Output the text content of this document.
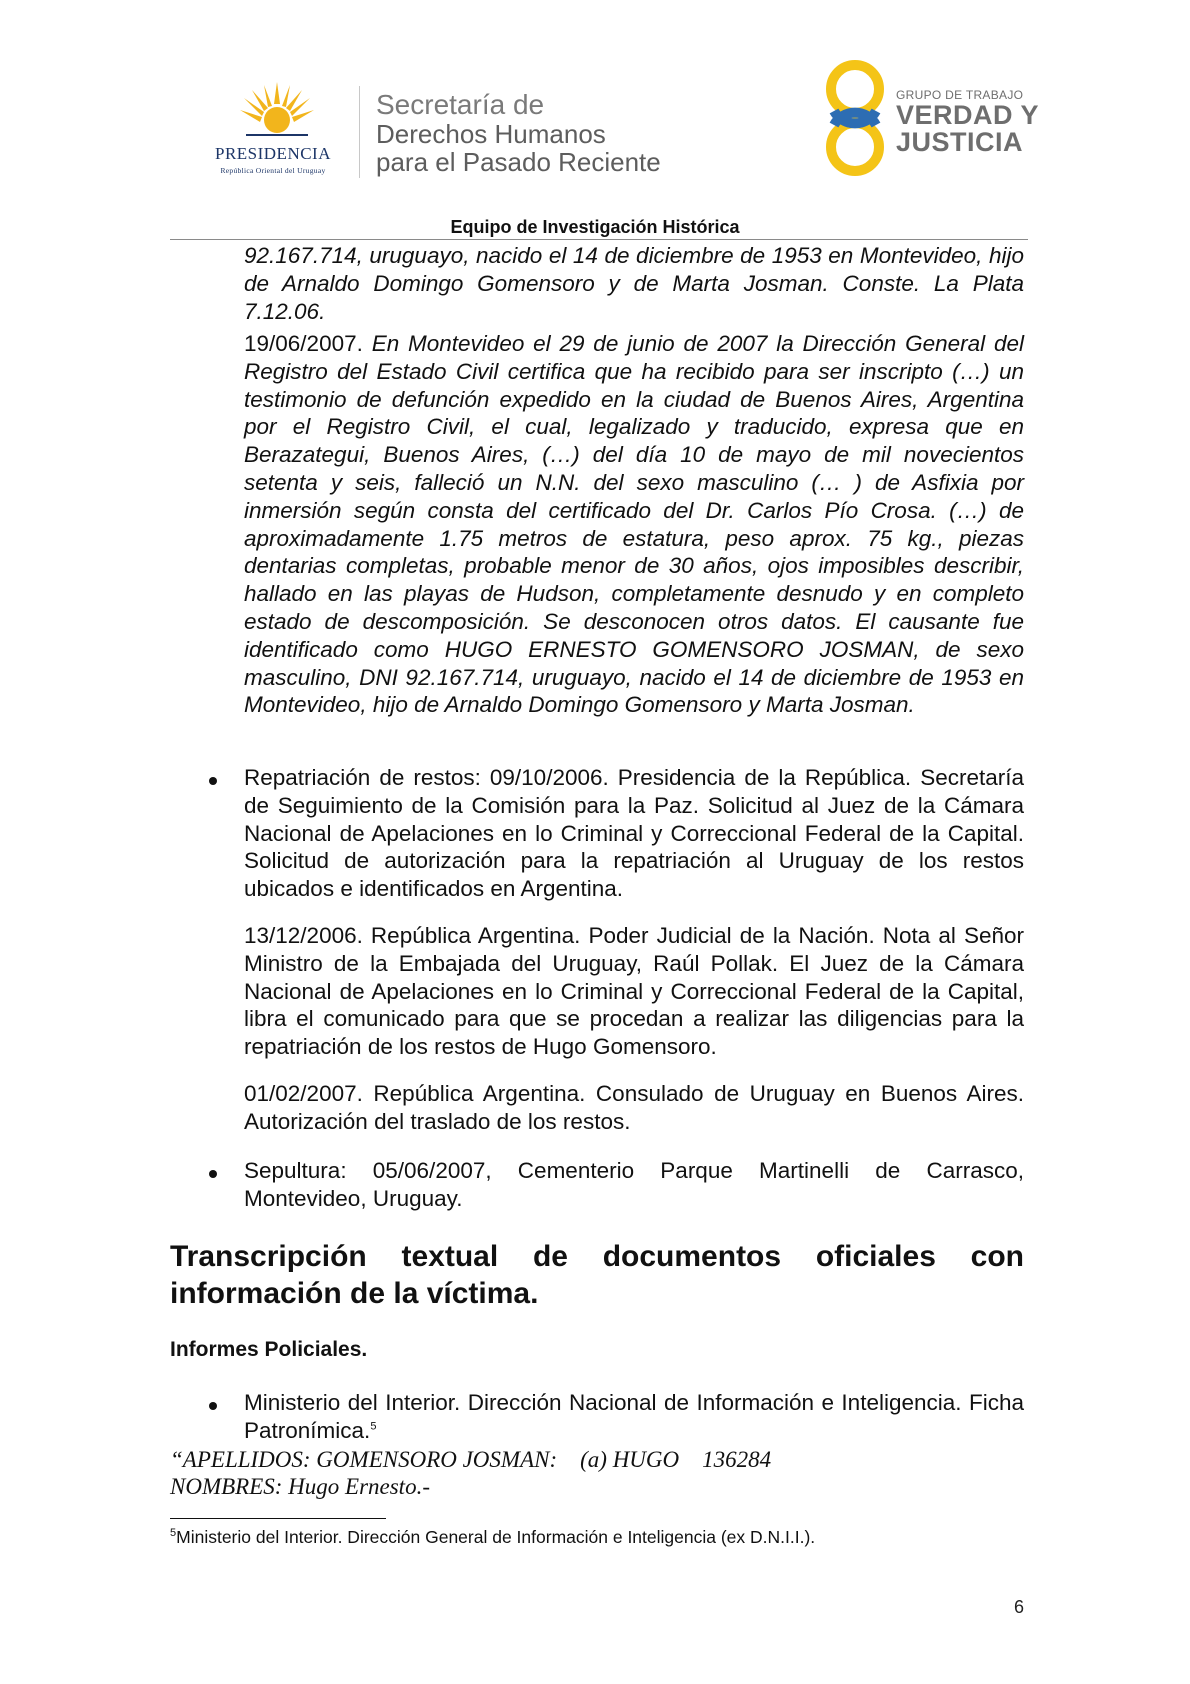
PRESIDENCIA
República Oriental del Uruguay
Secretaría de
Derechos Humanos
para el Pasado Reciente
GRUPO DE TRABAJO
VERDAD Y
JUSTICIA
Equipo de Investigación Histórica

92.167.714, uruguayo, nacido el 14 de diciembre de 1953 en Montevideo, hijo de Arnaldo Domingo Gomensoro y de Marta Josman. Conste. La Plata 7.12.06.

19/06/2007. En Montevideo el 29 de junio de 2007 la Dirección General del Registro del Estado Civil certifica que ha recibido para ser inscripto (…) un testimonio de defunción expedido en la ciudad de Buenos Aires, Argentina por el Registro Civil, el cual, legalizado y traducido, expresa que en Berazategui, Buenos Aires, (…) del día 10 de mayo de mil novecientos setenta y seis, falleció un N.N. del sexo masculino (… ) de Asfixia por inmersión según consta del certificado del Dr. Carlos Pío Crosa. (…) de aproximadamente 1.75 metros de estatura, peso aprox. 75 kg., piezas dentarias completas, probable menor de 30 años, ojos imposibles describir, hallado en las playas de Hudson, completamente desnudo y en completo estado de descomposición. Se desconocen otros datos. El causante fue identificado como HUGO ERNESTO GOMENSORO JOSMAN, de sexo masculino, DNI 92.167.714, uruguayo, nacido el 14 de diciembre de 1953 en Montevideo, hijo de Arnaldo Domingo Gomensoro y Marta Josman.

Repatriación de restos: 09/10/2006. Presidencia de la República. Secretaría de Seguimiento de la Comisión para la Paz. Solicitud al Juez de la Cámara Nacional de Apelaciones en lo Criminal y Correccional Federal de la Capital. Solicitud de autorización para la repatriación al Uruguay de los restos ubicados e identificados en Argentina.

13/12/2006. República Argentina. Poder Judicial de la Nación. Nota al Señor Ministro de la Embajada del Uruguay, Raúl Pollak. El Juez de la Cámara Nacional de Apelaciones en lo Criminal y Correccional Federal de la Capital, libra el comunicado para que se procedan a realizar las diligencias para la repatriación de los restos de Hugo Gomensoro.

01/02/2007. República Argentina. Consulado de Uruguay en Buenos Aires. Autorización del traslado de los restos.

Sepultura: 05/06/2007, Cementerio Parque Martinelli de Carrasco, Montevideo, Uruguay.

Transcripción textual de documentos oficiales con información de la víctima.
Informes Policiales.

Ministerio del Interior. Dirección Nacional de Información e Inteligencia. Ficha Patronímica.$^5$

“APELLIDOS: GOMENSORO JOSMAN:    (a) HUGO    136284
NOMBRES: Hugo Ernesto.-
$^5$Ministerio del Interior. Dirección General de Información e Inteligencia (ex D.N.I.I.).
6
